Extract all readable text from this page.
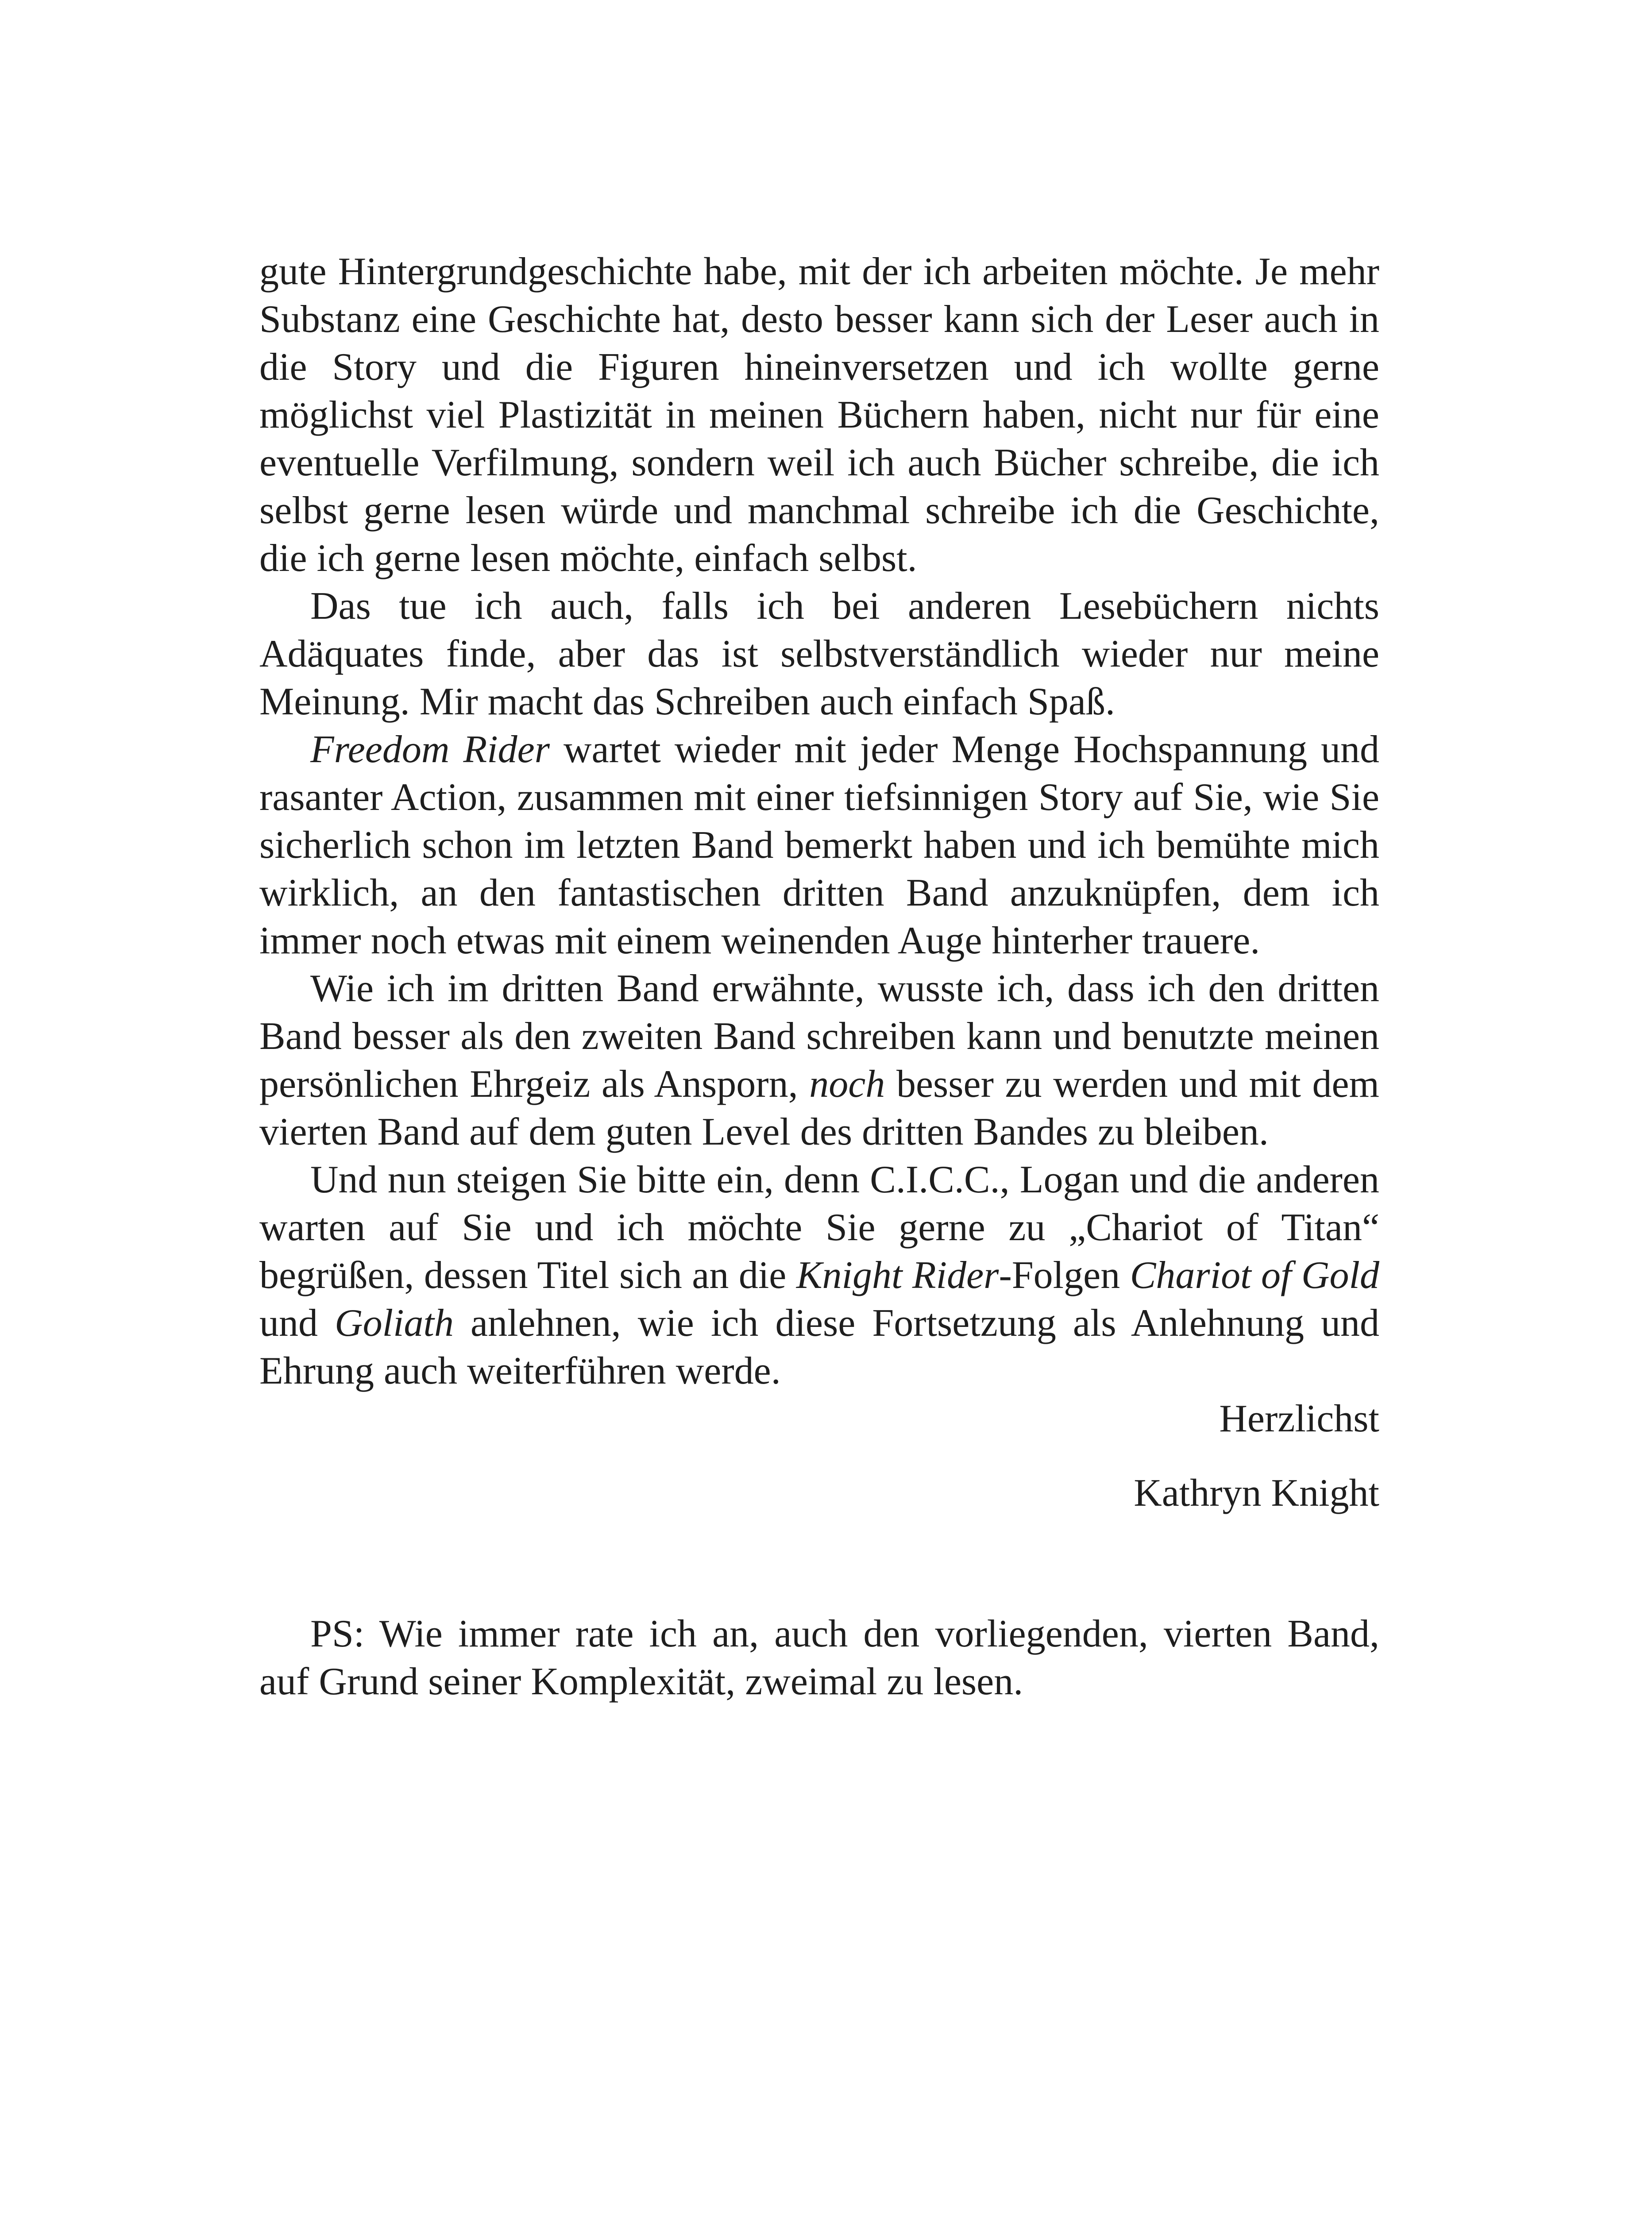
gute Hintergrundgeschichte habe, mit der ich arbeiten möchte. Je mehr Substanz eine Geschichte hat, desto besser kann sich der Leser auch in die Story und die Figuren hineinversetzen und ich wollte gerne möglichst viel Plastizität in meinen Büchern haben, nicht nur für eine eventuelle Verfilmung, sondern weil ich auch Bücher schreibe, die ich selbst gerne lesen würde und manchmal schreibe ich die Geschichte, die ich gerne lesen möchte, einfach selbst.

Das tue ich auch, falls ich bei anderen Lesebüchern nichts Adäquates finde, aber das ist selbstverständlich wieder nur meine Meinung. Mir macht das Schreiben auch einfach Spaß.

Freedom Rider wartet wieder mit jeder Menge Hochspannung und rasanter Action, zusammen mit einer tiefsinnigen Story auf Sie, wie Sie sicherlich schon im letzten Band bemerkt haben und ich bemühte mich wirklich, an den fantastischen dritten Band anzuknüpfen, dem ich immer noch etwas mit einem weinenden Auge hinterher trauere.

Wie ich im dritten Band erwähnte, wusste ich, dass ich den dritten Band besser als den zweiten Band schreiben kann und benutzte meinen persönlichen Ehrgeiz als Ansporn, noch besser zu werden und mit dem vierten Band auf dem guten Level des dritten Bandes zu bleiben.

Und nun steigen Sie bitte ein, denn C.I.C.C., Logan und die anderen warten auf Sie und ich möchte Sie gerne zu „Chariot of Titan“ begrüßen, dessen Titel sich an die Knight Rider-Folgen Chariot of Gold und Goliath anlehnen, wie ich diese Fortsetzung als Anlehnung und Ehrung auch weiterführen werde.

Herzlichst

Kathryn Knight

PS: Wie immer rate ich an, auch den vorliegenden, vierten Band, auf Grund seiner Komplexität, zweimal zu lesen.
